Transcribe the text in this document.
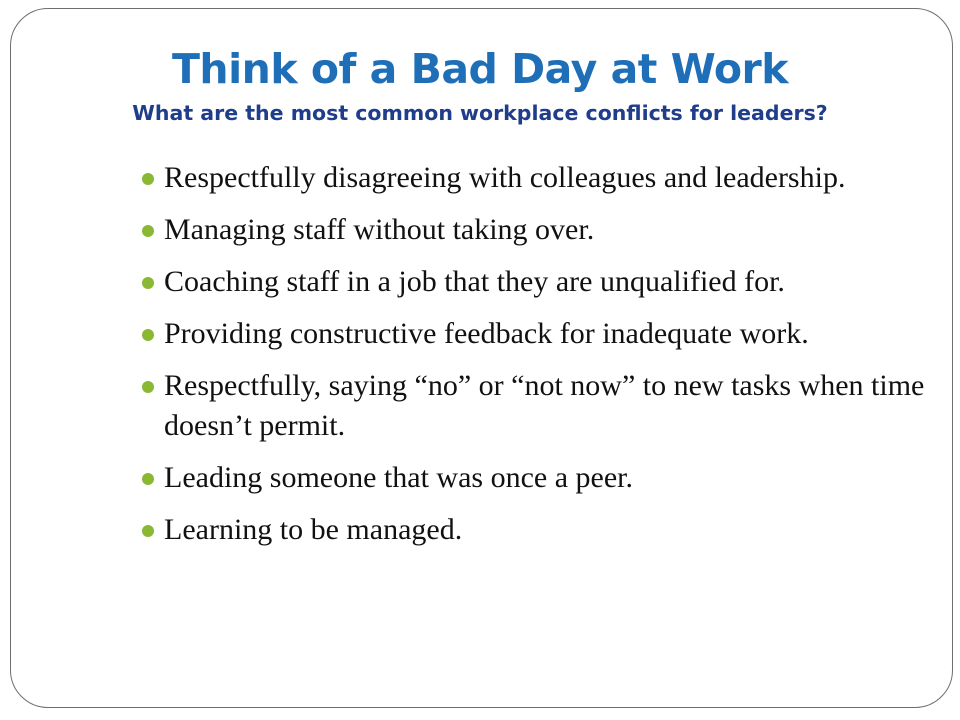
Think of a Bad Day at Work
What are the most common workplace conflicts for leaders?
Respectfully disagreeing with colleagues and leadership.
Managing staff without taking over.
Coaching staff in a job that they are unqualified for.
Providing constructive feedback for inadequate work.
Respectfully, saying “no” or “not now” to new tasks when time doesn’t permit.
Leading someone that was once a peer.
Learning to be managed.
